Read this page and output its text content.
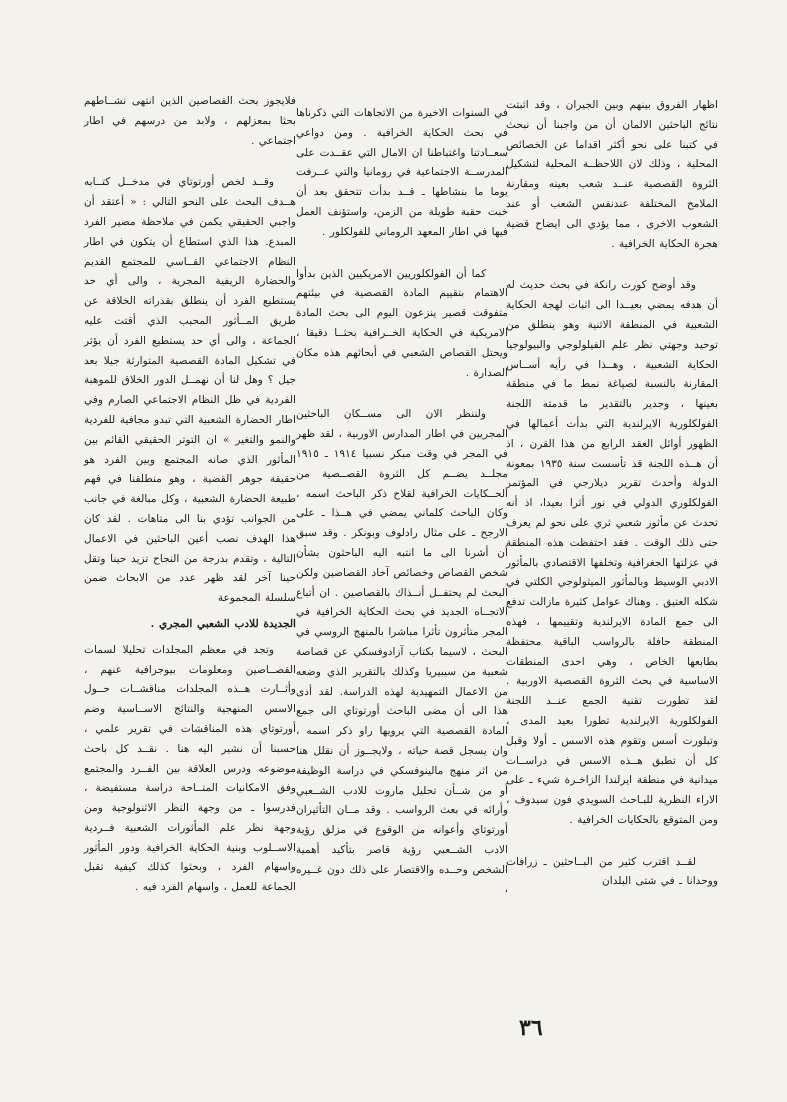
اظهار الفروق بينهم وبين الجيران ، وقد اثبتت نتائج الباحثين الالمان أن من واجبنا أن نبحث في كتبنا على نحو أكثر اقداما عن الخصائص المحلية ، وذلك لان اللاحظــة المحلية لتشكيل الثروة القصصية عنــد شعب بعينه ومقارنة الملامح المختلفة عندنفس الشعب أو عند الشعوب الاخرى ، مما يؤدي الى ايضاح قضية هجرة الحكاية الخرافية .

وقد أوضح كورت رانكة في بحث حديث له أن هدفه يمضي بعيــدا الى اثبات لهجة الحكاية الشعبية في المنطقة الاثنية وهو ينطلق من توحيد وجهتي نظر علم الفيلولوجي والبيولوجيا الحكاية الشعبية ، وهــذا في رأيه أســاس المقارنة بالنسبة لصياغة نمط ما في منطقة بعينها ، وجدير بالتقدير ما قدمته اللجنة الفولكلورية الايرلندية التي بدأت أعمالها في الظهور أوائل العقد الرابع من هذا القرن ، اذ أن هــذه اللجنة قد تأسست سنة ١٩٣٥ بمعونة الدولة وأحدث تقرير ديلارجي في المؤتمر الفولكلوري الدولي في نور أثرا بعيدا، اذ أنه تحدث عن مأثور شعبي ثري على نحو لم يعرف حتى ذلك الوقت . فقد احتفظت هذه المنطقة في عزلتها الجغرافية وتخلفها الاقتصادي بالمأثور الادبي الوسيط وبالمأثور الميثولوجي الكلتي في شكله العتيق . وهناك عوامل كثيرة مازالت تدفع الى جمع المادة الايرلندية وتقييمها ، فهذه المنطقة حافلة بالرواسب الباقية محتفظة بطابعها الخاص ، وهي احدى المنطقات الاساسية في بحث الثروة القصصية الاوربية . لقد تطورت تقنية الجمع عنــد اللجنة الفولكلورية الايرلندية تطورا بعيد المدى ، وتبلورت أسس وتقوم هذه الاسس ـ أولا وقبل كل أن تطبق هــذه الاسس في دراســات ميدانية في منطقة ايرلندا الزاخـرة شيء ـ على الاراء النظرية للبـاحث السويدي فون سيدوف ، ومن المتوقع بالحكايات الخرافية .

لقــد اقترب كثير من البــاحثين ـ زرافات ووحدانا ـ في شتى البلدان

في السنوات الاخيرة من الاتجاهات التي ذكرناها في بحث الحكاية الخرافية . ومن دواعي سعــادتنا واغتباطنا ان الامال التي عقــدت على المدرســة الاجتماعية في رومانيا والتي عــرفت يوما ما بنشاطها ـ قــد بدأت تتحقق بعد أن خبت حقبة طويلة من الزمن، واستؤنف العمل فيها في اطار المعهد الروماني للفولكلور .

كما أن الفولكلوريين الامريكيين الذين بدأوا الاهتمام بتقييم المادة القصصية في بيئتهم متفوقت قصير ينزعون اليوم الى بحث المادة الامريكية في الحكاية الخــرافية بحثــا دقيقا ، ويحتل القصاص الشعبي في أبحاثهم هذه مكان الصدارة .

ولننظر الان الى مســكان الباحثين المجريين في اطار المدارس الاوربية ، لقد ظهر في المجر في وقت مبكر نسبيا ١٩١٤ ـ ١٩١٥ مجلــد يضــم كل الثروة القصــصية من الحــكايات الخرافية لقلاح ذكر الباحث اسمه ، وكان الباحث كلماني يمضي في هــذا ـ على الارجح ـ على مثال رادلوف وبونكر . وقد سبق أن أشرنا الى ما انتبه اليه الباحثون بشأن شخص القصاص وخصائص آحاد القصاصين ولكن البحث لم يحتفــل أنــذاك بالقصاصين . ان أتباع الاتجــاه الجديد في بحث الحكاية الخرافية في المجر متأثرون تأثرا مباشرا بالمنهج الروسي في البحث ، لاسيما بكتاب آزادوفسكي عن قصاصة شعبية من سيبيريا وكذلك بالتقرير الذي وضعه من الاعمال التمهيدية لهذه الدراسة. لقد أدى هذا الى أن مضى الباحث أورتوتاي الى جمع المادة القصصية التي يرويها راو ذكر اسمه ، وان يسجل قصة حياته ، ولايجــوز أن نقلل هنا من اثر منهج مالينوفسكي في دراسة الوظيفة أو من شــأن تحليل ماروت للادب الشــعبي وأرائه في بعث الرواسب . وقد مــان التأثيران أورتوتاي وأعوانه من الوقوع في مزلق رؤية الادب الشــعبي رؤية قاصر بتأكيد أهمية الشخص وحــده والاقتصار على ذلك دون غــيره ،

فلايجوز بحث القصاصين الذين انتهى نشــاطهم بحثا بمعزلهم ، ولابد من درسهم في اطار اجتماعي .

وقــد لخص أورتوتاي في مدخــل كتــابه هــدف البحث على النحو التالي : « أعتقد أن واجبي الحقيقي يكمن في ملاحظة مصير الفرد المبدع. هذا الذي استطاع أن يتكون في اطار النظام الاجتماعي القــاسي للمجتمع القديم والحضارة الريفية المجرية ، والى أي حد يستطيع الفرد أن ينطلق بقدراته الخلاقة عن طريق المــأثور المحبب الذي أقتت عليه الجماعة ، والى أي حد يستطيع الفرد أن يؤثر في تشكيل المادة القصصية المتوارثة جيلا بعد جيل ؟ وهل لنا أن نهمــل الدور الخلاق للموهبة الفردية في ظل النظام الاجتماعي الصارم وفي اطار الحضارة الشعبية التي تبدو مجافية للفردية والنمو والتغير » ان التوتر الحقيقي القائم بين المأثور الذي صانه المجتمع وبين الفرد هو حقيقة جوهر القضية ، وهو منطلقنا في فهم طبيعة الحضارة الشعبية ، وكل مبالغة في جانب من الجوانب تؤدي بنا الى متاهات . لقد كان هذا الهدف نصب أعين الباحثين في الاعمال التالية ، وتقدم بدرجة من النجاح تزيد حينا وتقل حينا آخر لقد ظهر عدد من الابحاث ضمن سلسلة المجموعة

الجديدة للادب الشعبي المجري .

وتجد في معظم المجلدات تحليلا لسمات القصــاصين ومعلومات بيوجرافية عنهم ، وأثــارت هــذه المجلدات مناقشــات حــول الاسس المنهجية والنتائج الاســاسية وضم أورتوتاي هذه المناقشات في تقرير علمي ، حسبنا أن نشير اليه هنا . نقــد كل باحث موضوعه ودرس العلاقة بين الفــرد والمجتمع وفق الامكانيات المتــاحة دراسة مستفيضة ، فدرسوا ـ من وجهة النظر الاثنولوجية ومن وجهة نظر علم المأثورات الشعبية فــردية الاســلوب وبنية الحكاية الخرافية ودور المأثور واسهام الفرد ، وبحثوا كذلك كيفية تقبل الجماعة للعمل ، واسهام الفرد فيه .

٣٦
